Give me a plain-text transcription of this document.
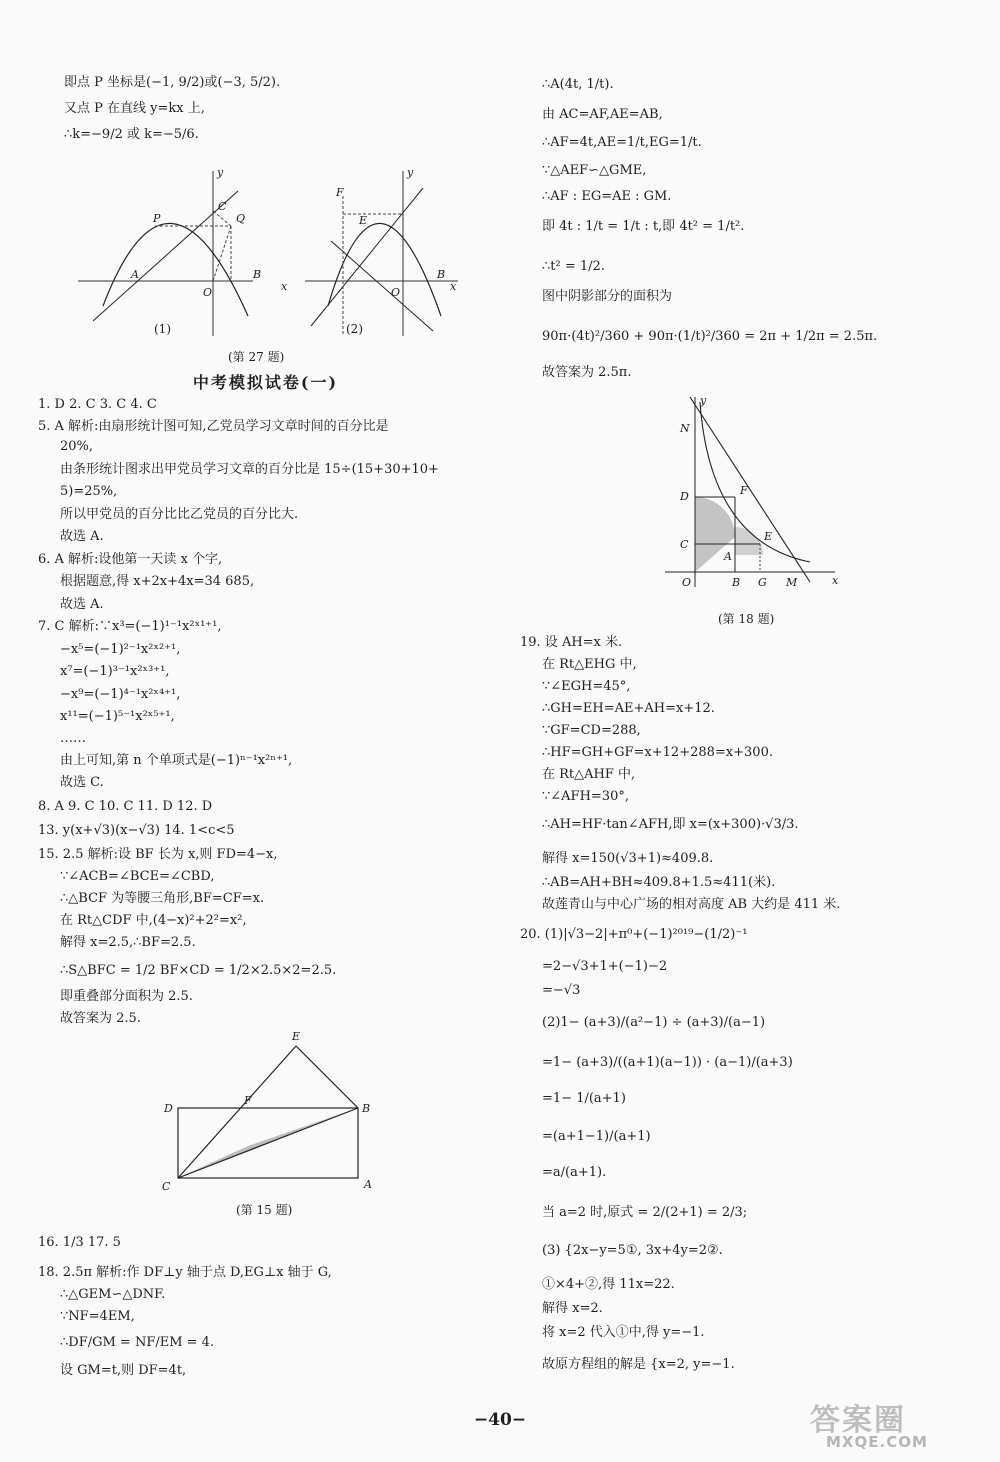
即点 P 坐标是(−1, 9/2)或(−3, 5/2).
又点 P 在直线 y=kx 上,
∴k=−9/2 或 k=−5/6.
A	B
C
O
P	Q
x
y
F
E
O
B
x
y
(1)	(2)
(第 27 题)
中考模拟试卷(一)
1. D 2. C 3. C 4. C
5. A 解析:由扇形统计图可知,乙党员学习文章时间的百分比是
20%,
由条形统计图求出甲党员学习文章的百分比是 15÷(15+30+10+
5)=25%,
所以甲党员的百分比比乙党员的百分比大.
故选 A.
6. A 解析:设他第一天读 x 个字,
根据题意,得 x+2x+4x=34 685,
故选 A.
7. C 解析:∵x³=(−1)¹⁻¹x²ˣ¹⁺¹,
−x⁵=(−1)²⁻¹x²ˣ²⁺¹,
x⁷=(−1)³⁻¹x²ˣ³⁺¹,
−x⁹=(−1)⁴⁻¹x²ˣ⁴⁺¹,
x¹¹=(−1)⁵⁻¹x²ˣ⁵⁺¹,
……
由上可知,第 n 个单项式是(−1)ⁿ⁻¹x²ⁿ⁺¹,
故选 C.
8. A 9. C 10. C 11. D 12. D
13. y(x+√3)(x−√3) 14. 1<c<5
15. 2.5 解析:设 BF 长为 x,则 FD=4−x,
∵∠ACB=∠BCE=∠CBD,
∴△BCF 为等腰三角形,BF=CF=x.
在 Rt△CDF 中,(4−x)²+2²=x²,
解得 x=2.5,∴BF=2.5.
∴S△BFC = 1/2 BF×CD = 1/2×2.5×2=2.5.
即重叠部分面积为 2.5.
故答案为 2.5.
A
B
C
D
E
F
(第 15 题)
16. 1/3 17. 5
18. 2.5π 解析:作 DF⊥y 轴于点 D,EG⊥x 轴于 G,
∴△GEM∽△DNF.
∵NF=4EM,
∴DF/GM = NF/EM = 4.
设 GM=t,则 DF=4t,
∴A(4t, 1/t).
由 AC=AF,AE=AB,
∴AF=4t,AE=1/t,EG=1/t.
∵△AEF∽△GME,
∴AF : EG=AE : GM.
即 4t : 1/t = 1/t : t,即 4t² = 1/t².
∴t² = 1/2.
图中阴影部分的面积为
90π·(4t)²/360 + 90π·(1/t)²/360 = 2π + 1/2π = 2.5π.
故答案为 2.5π.
N
D	F
C
A
E
O	B G M	x
y
(第 18 题)
19. 设 AH=x 米.
在 Rt△EHG 中,
∵∠EGH=45°,
∴GH=EH=AE+AH=x+12.
∵GF=CD=288,
∴HF=GH+GF=x+12+288=x+300.
在 Rt△AHF 中,
∵∠AFH=30°,
∴AH=HF·tan∠AFH,即 x=(x+300)·√3/3.
解得 x=150(√3+1)≈409.8.
∴AB=AH+BH≈409.8+1.5≈411(米).
故莲青山与中心广场的相对高度 AB 大约是 411 米.
20. (1)|√3−2|+π⁰+(−1)²⁰¹⁹−(1/2)⁻¹
=2−√3+1+(−1)−2
=−√3
(2)1− (a+3)/(a²−1) ÷ (a+3)/(a−1)
=1− (a+3)/((a+1)(a−1)) · (a−1)/(a+3)
=1− 1/(a+1)
=(a+1−1)/(a+1)
=a/(a+1).
当 a=2 时,原式 = 2/(2+1) = 2/3;
(3) {2x−y=5①, 3x+4y=2②.
①×4+②,得 11x=22.
解得 x=2.
将 x=2 代入①中,得 y=−1.
故原方程组的解是 {x=2, y=−1.
−40−	答案圈
MXQE.COM
